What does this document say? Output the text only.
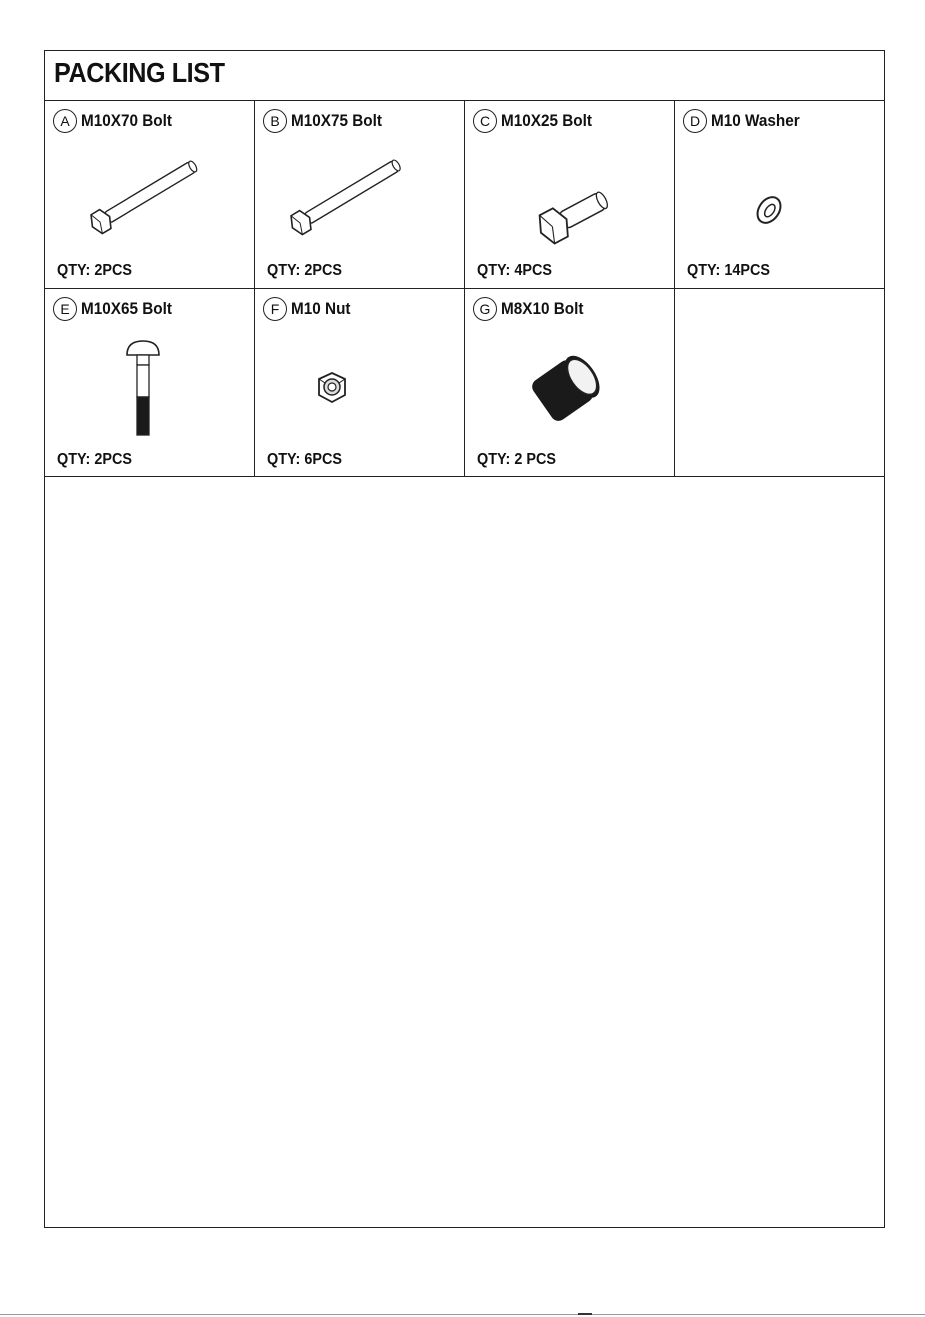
PACKING LIST
A M10X70 Bolt
QTY: 2PCS
B M10X75 Bolt
QTY: 2PCS
C M10X25 Bolt
QTY: 4PCS
D M10 Washer
QTY: 14PCS
E M10X65 Bolt
QTY: 2PCS
F M10 Nut
QTY: 6PCS
G M8X10 Bolt
QTY: 2 PCS
